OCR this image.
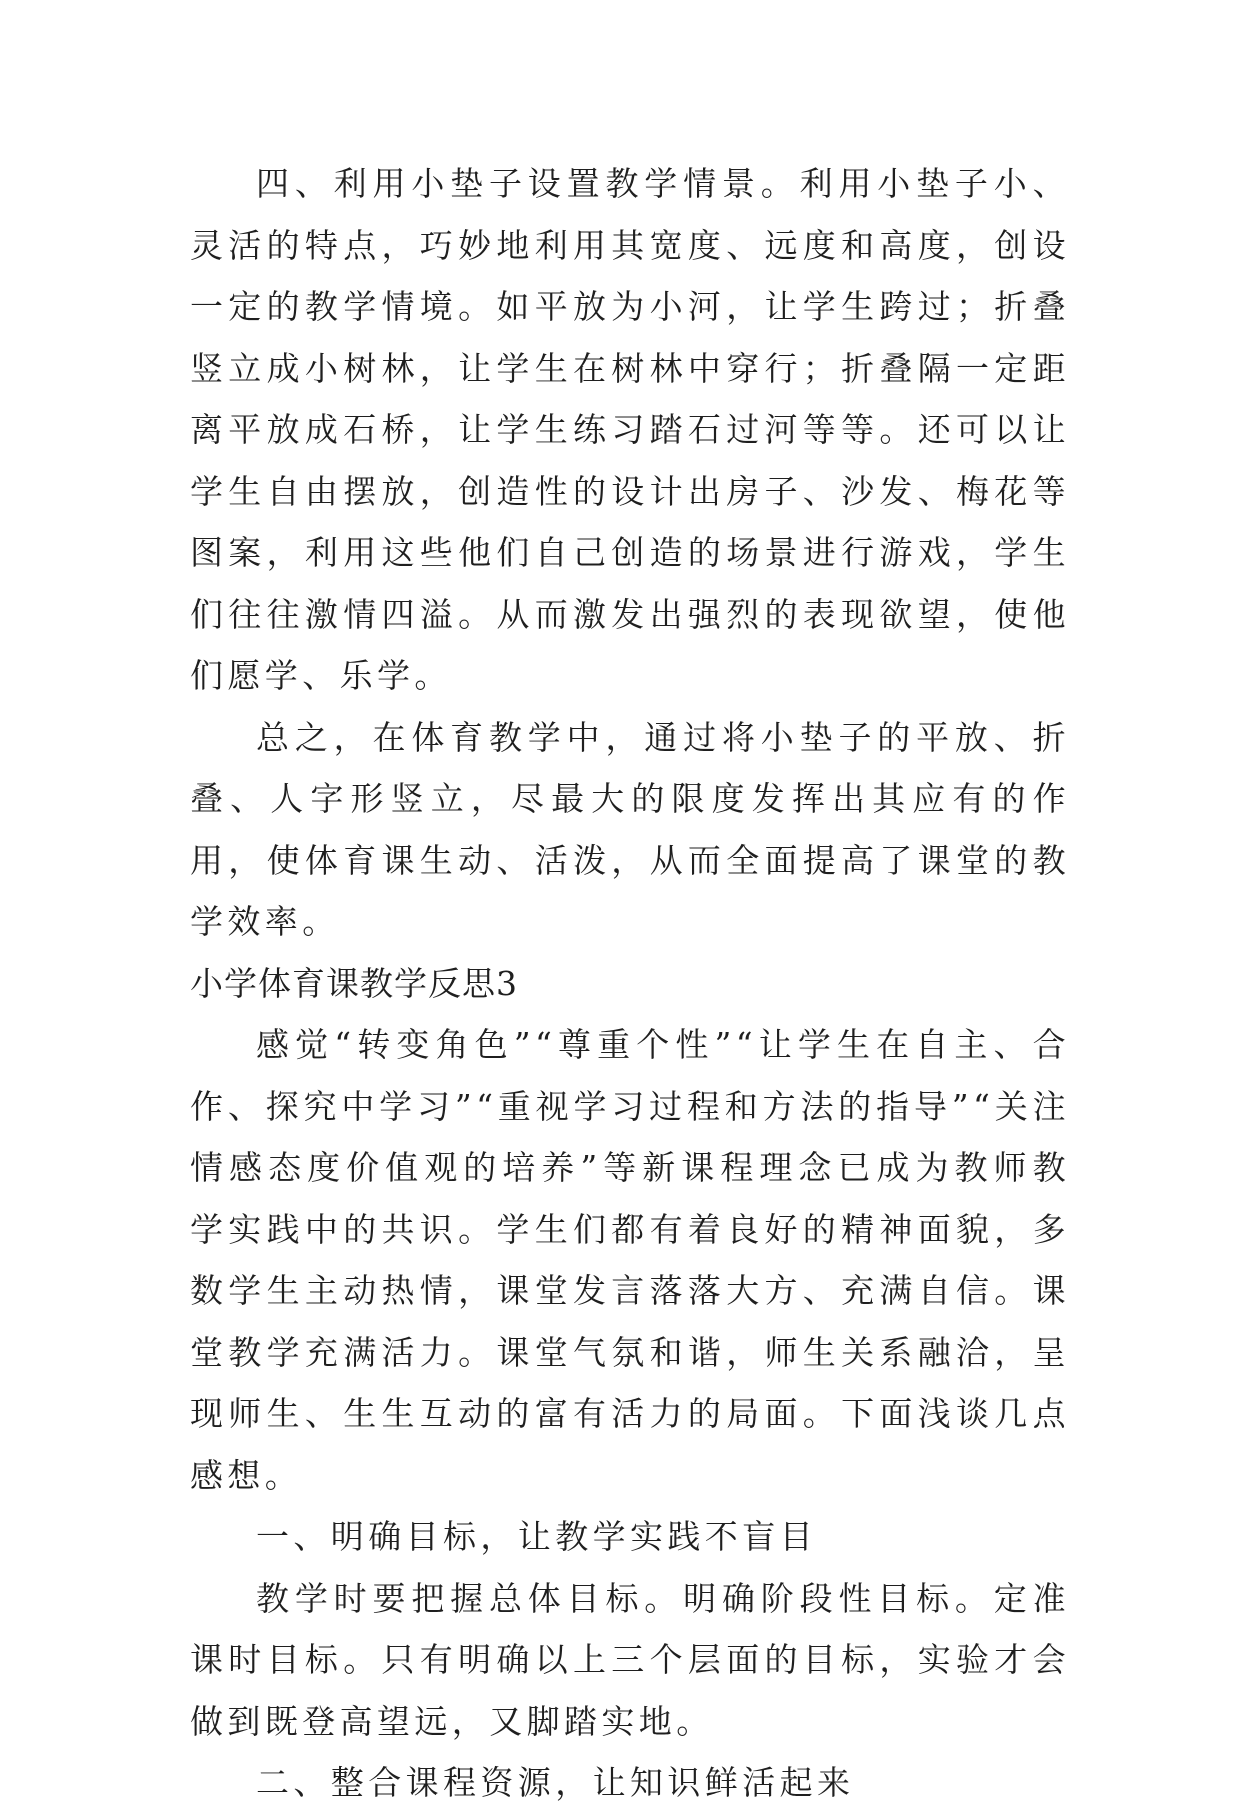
四、利用小垫子设置教学情景。利用小垫子小、灵活的特点，巧妙地利用其宽度、远度和高度，创设一定的教学情境。如平放为小河，让学生跨过；折叠竖立成小树林，让学生在树林中穿行；折叠隔一定距离平放成石桥，让学生练习踏石过河等等。还可以让学生自由摆放，创造性的设计出房子、沙发、梅花等图案，利用这些他们自己创造的场景进行游戏，学生们往往激情四溢。从而激发出强烈的表现欲望，使他们愿学、乐学。

总之，在体育教学中，通过将小垫子的平放、折叠、人字形竖立，尽最大的限度发挥出其应有的作用，使体育课生动、活泼，从而全面提高了课堂的教学效率。

小学体育课教学反思3

感觉“转变角色”“尊重个性”“让学生在自主、合作、探究中学习”“重视学习过程和方法的指导”“关注情感态度价值观的培养”等新课程理念已成为教师教学实践中的共识。学生们都有着良好的精神面貌，多数学生主动热情，课堂发言落落大方、充满自信。课堂教学充满活力。课堂气氛和谐，师生关系融洽，呈现师生、生生互动的富有活力的局面。下面浅谈几点感想。

一、明确目标，让教学实践不盲目

教学时要把握总体目标。明确阶段性目标。定准课时目标。只有明确以上三个层面的目标，实验才会做到既登高望远，又脚踏实地。

二、整合课程资源，让知识鲜活起来
